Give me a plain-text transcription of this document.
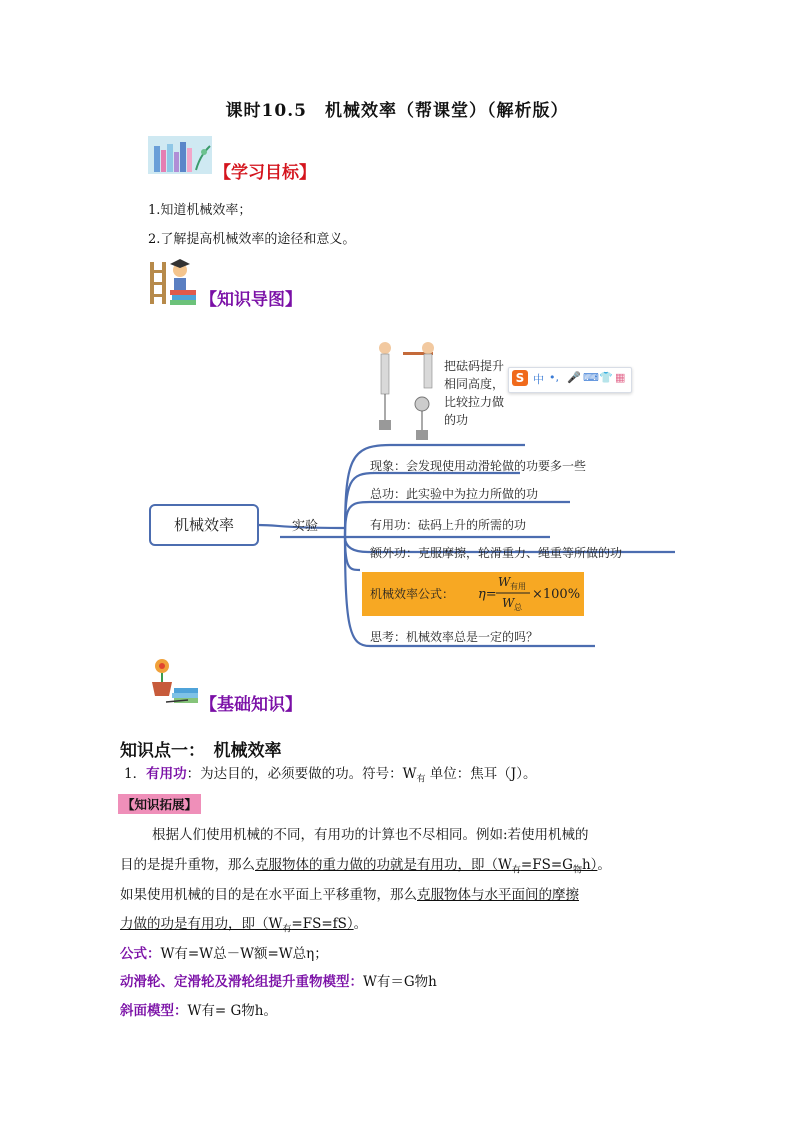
课时10.5　机械效率（帮课堂）（解析版）
【学习目标】
1.知道机械效率；
2.了解提高机械效率的途径和意义。
【知识导图】
把砝码提升
相同高度，
比较拉力做
的功
机械效率	实验
现象：会发现使用动滑轮做的功要多一些
总功：此实验中为拉力所做的功
有用功：砝码上升的所需的功
额外功：克服摩擦，轮滑重力、绳重等所做的功
机械效率公式： η=
W 有用
W 总
×100%
思考：机械效率总是一定的吗？
S 中 •, 🎤 ⌨ 👕 ▦
【基础知识】
知识点一：　机械效率
1．有用功：为达目的，必须要做的功。符号：$W_有$ 单位：焦耳（J）。
【知识拓展】
根据人们使用机械的不同，有用功的计算也不尽相同。例如:若使用机械的
目的是提升重物，那么克服物体的重力做的功就是有用功，即$(W_有=FS=G_物h)$。
如果使用机械的目的是在水平面上平移重物，那么克服物体与水平面间的摩擦
力做的功是有用功，即$(W_有=FS=fS)$。
公式：W有=W总－W额=W总η；
动滑轮、定滑轮及滑轮组提升重物模型：W有＝G物h
斜面模型：W有= G物h。
